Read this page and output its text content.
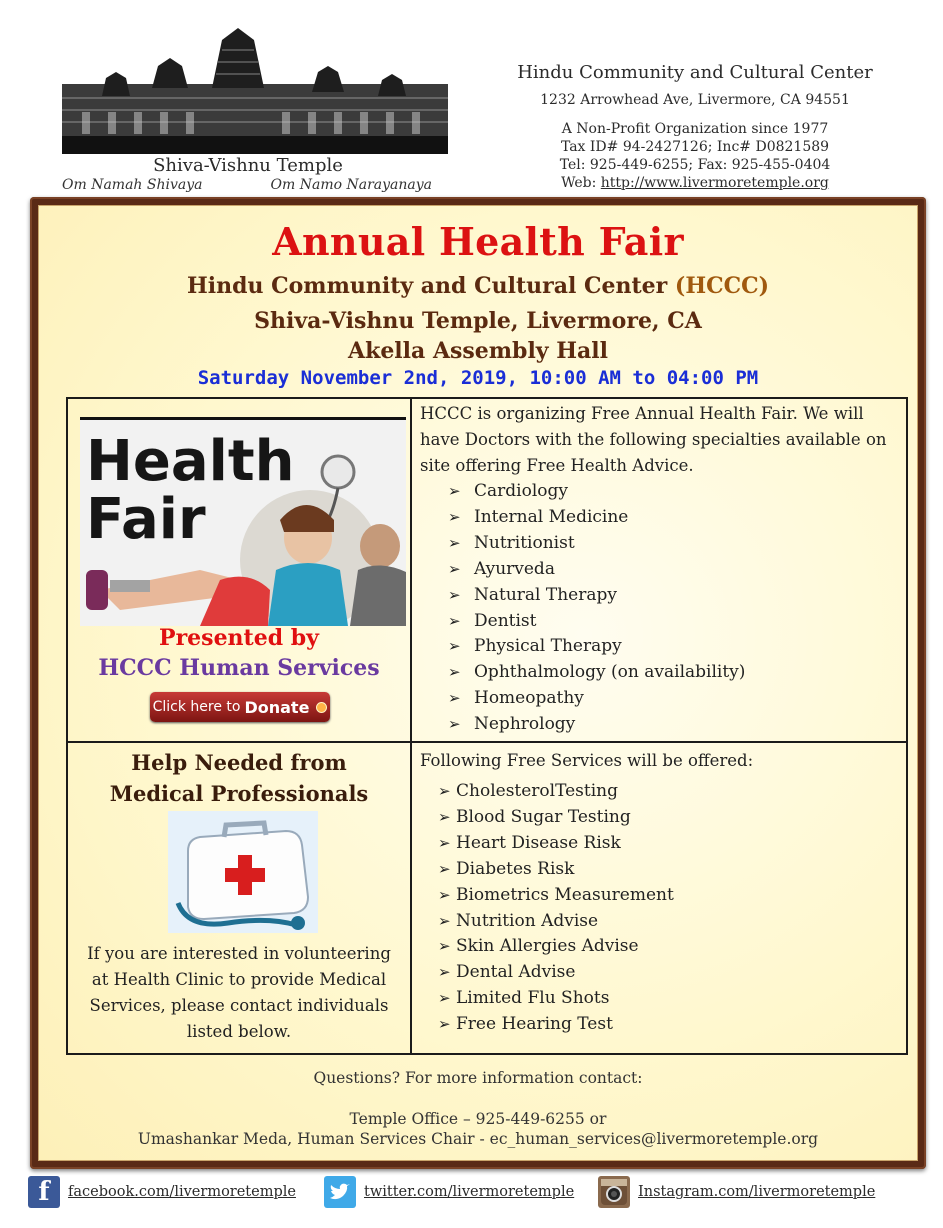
Shiva-Vishnu Temple
Om Namah Shivaya	Om Namo Narayanaya
Hindu Community and Cultural Center
1232 Arrowhead Ave, Livermore, CA 94551
A Non-Profit Organization since 1977
Tax ID# 94-2427126; Inc# D0821589
Tel: 925-449-6255; Fax: 925-455-0404
Web: http://www.livermoretemple.org
Annual Health Fair
Hindu Community and Cultural Center (HCCC)
Shiva-Vishnu Temple, Livermore, CA
Akella Assembly Hall
Saturday November 2nd, 2019, 10:00 AM to 04:00 PM
Health
Fair
Presented by
HCCC Human Services
Click here to Donate
HCCC is organizing Free Annual Health Fair. We will have Doctors with the following specialties available on site offering Free Health Advice.
➢ Cardiology
➢ Internal Medicine
➢ Nutritionist
➢ Ayurveda
➢ Natural Therapy
➢ Dentist
➢ Physical Therapy
➢ Ophthalmology (on availability)
➢ Homeopathy
➢ Nephrology
Help Needed from
Medical Professionals
If you are interested in volunteering at Health Clinic to provide Medical Services, please contact individuals listed below.
Following Free Services will be offered:
➢ CholesterolTesting
➢ Blood Sugar Testing
➢ Heart Disease Risk
➢ Diabetes Risk
➢ Biometrics Measurement
➢ Nutrition Advise
➢ Skin Allergies Advise
➢ Dental Advise
➢ Limited Flu Shots
➢ Free Hearing Test
Questions? For more information contact:
Temple Office – 925-449-6255 or
Umashankar Meda, Human Services Chair - ec_human_services@livermoretemple.org
f	facebook.com/livermoretemple	twitter.com/livermoretemple	Instagram.com/livermoretemple
